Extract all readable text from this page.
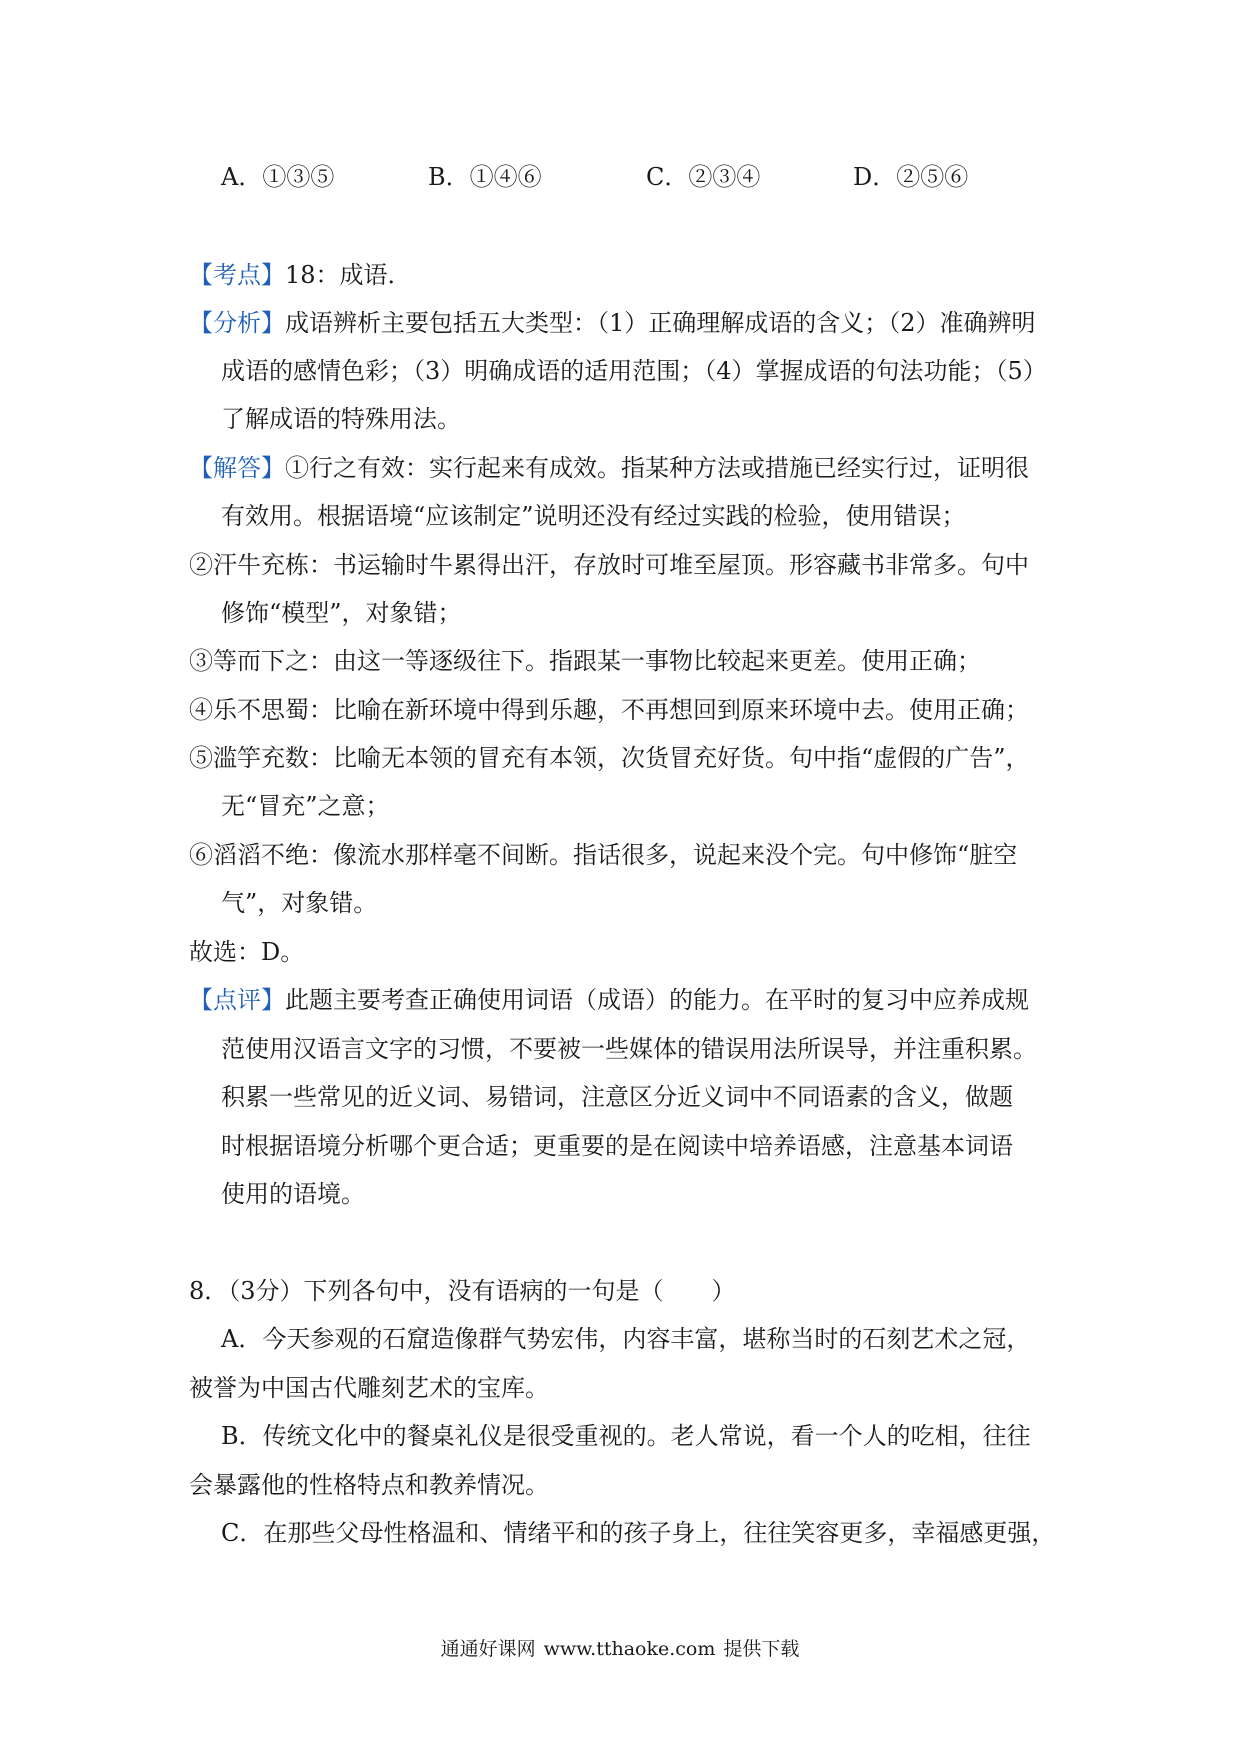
A．①③⑤	B．①④⑥	C．②③④	D．②⑤⑥
【考点】18：成语．
【分析】成语辨析主要包括五大类型：（1）正确理解成语的含义；（2）准确辨明
成语的感情色彩；（3）明确成语的适用范围；（4）掌握成语的句法功能；（5）
了解成语的特殊用法。
【解答】①行之有效：实行起来有成效。指某种方法或措施已经实行过，证明很
有效用。根据语境“应该制定”说明还没有经过实践的检验，使用错误；
②汗牛充栋：书运输时牛累得出汗，存放时可堆至屋顶。形容藏书非常多。句中
修饰“模型”，对象错；
③等而下之：由这一等逐级往下。指跟某一事物比较起来更差。使用正确；
④乐不思蜀：比喻在新环境中得到乐趣，不再想回到原来环境中去。使用正确；
⑤滥竽充数：比喻无本领的冒充有本领，次货冒充好货。句中指“虚假的广告”，
无“冒充”之意；
⑥滔滔不绝：像流水那样毫不间断。指话很多，说起来没个完。句中修饰“脏空
气”，对象错。
故选：D。
【点评】此题主要考查正确使用词语（成语）的能力。在平时的复习中应养成规
范使用汉语言文字的习惯，不要被一些媒体的错误用法所误导，并注重积累。
积累一些常见的近义词、易错词，注意区分近义词中不同语素的含义，做题
时根据语境分析哪个更合适；更重要的是在阅读中培养语感，注意基本词语
使用的语境。
8．（3分）下列各句中，没有语病的一句是（　　）
A．今天参观的石窟造像群气势宏伟，内容丰富，堪称当时的石刻艺术之冠，
被誉为中国古代雕刻艺术的宝库。
B．传统文化中的餐桌礼仪是很受重视的。老人常说，看一个人的吃相，往往
会暴露他的性格特点和教养情况。
C．在那些父母性格温和、情绪平和的孩子身上，往往笑容更多，幸福感更强，
通通好课网 www.tthaoke.com 提供下载
